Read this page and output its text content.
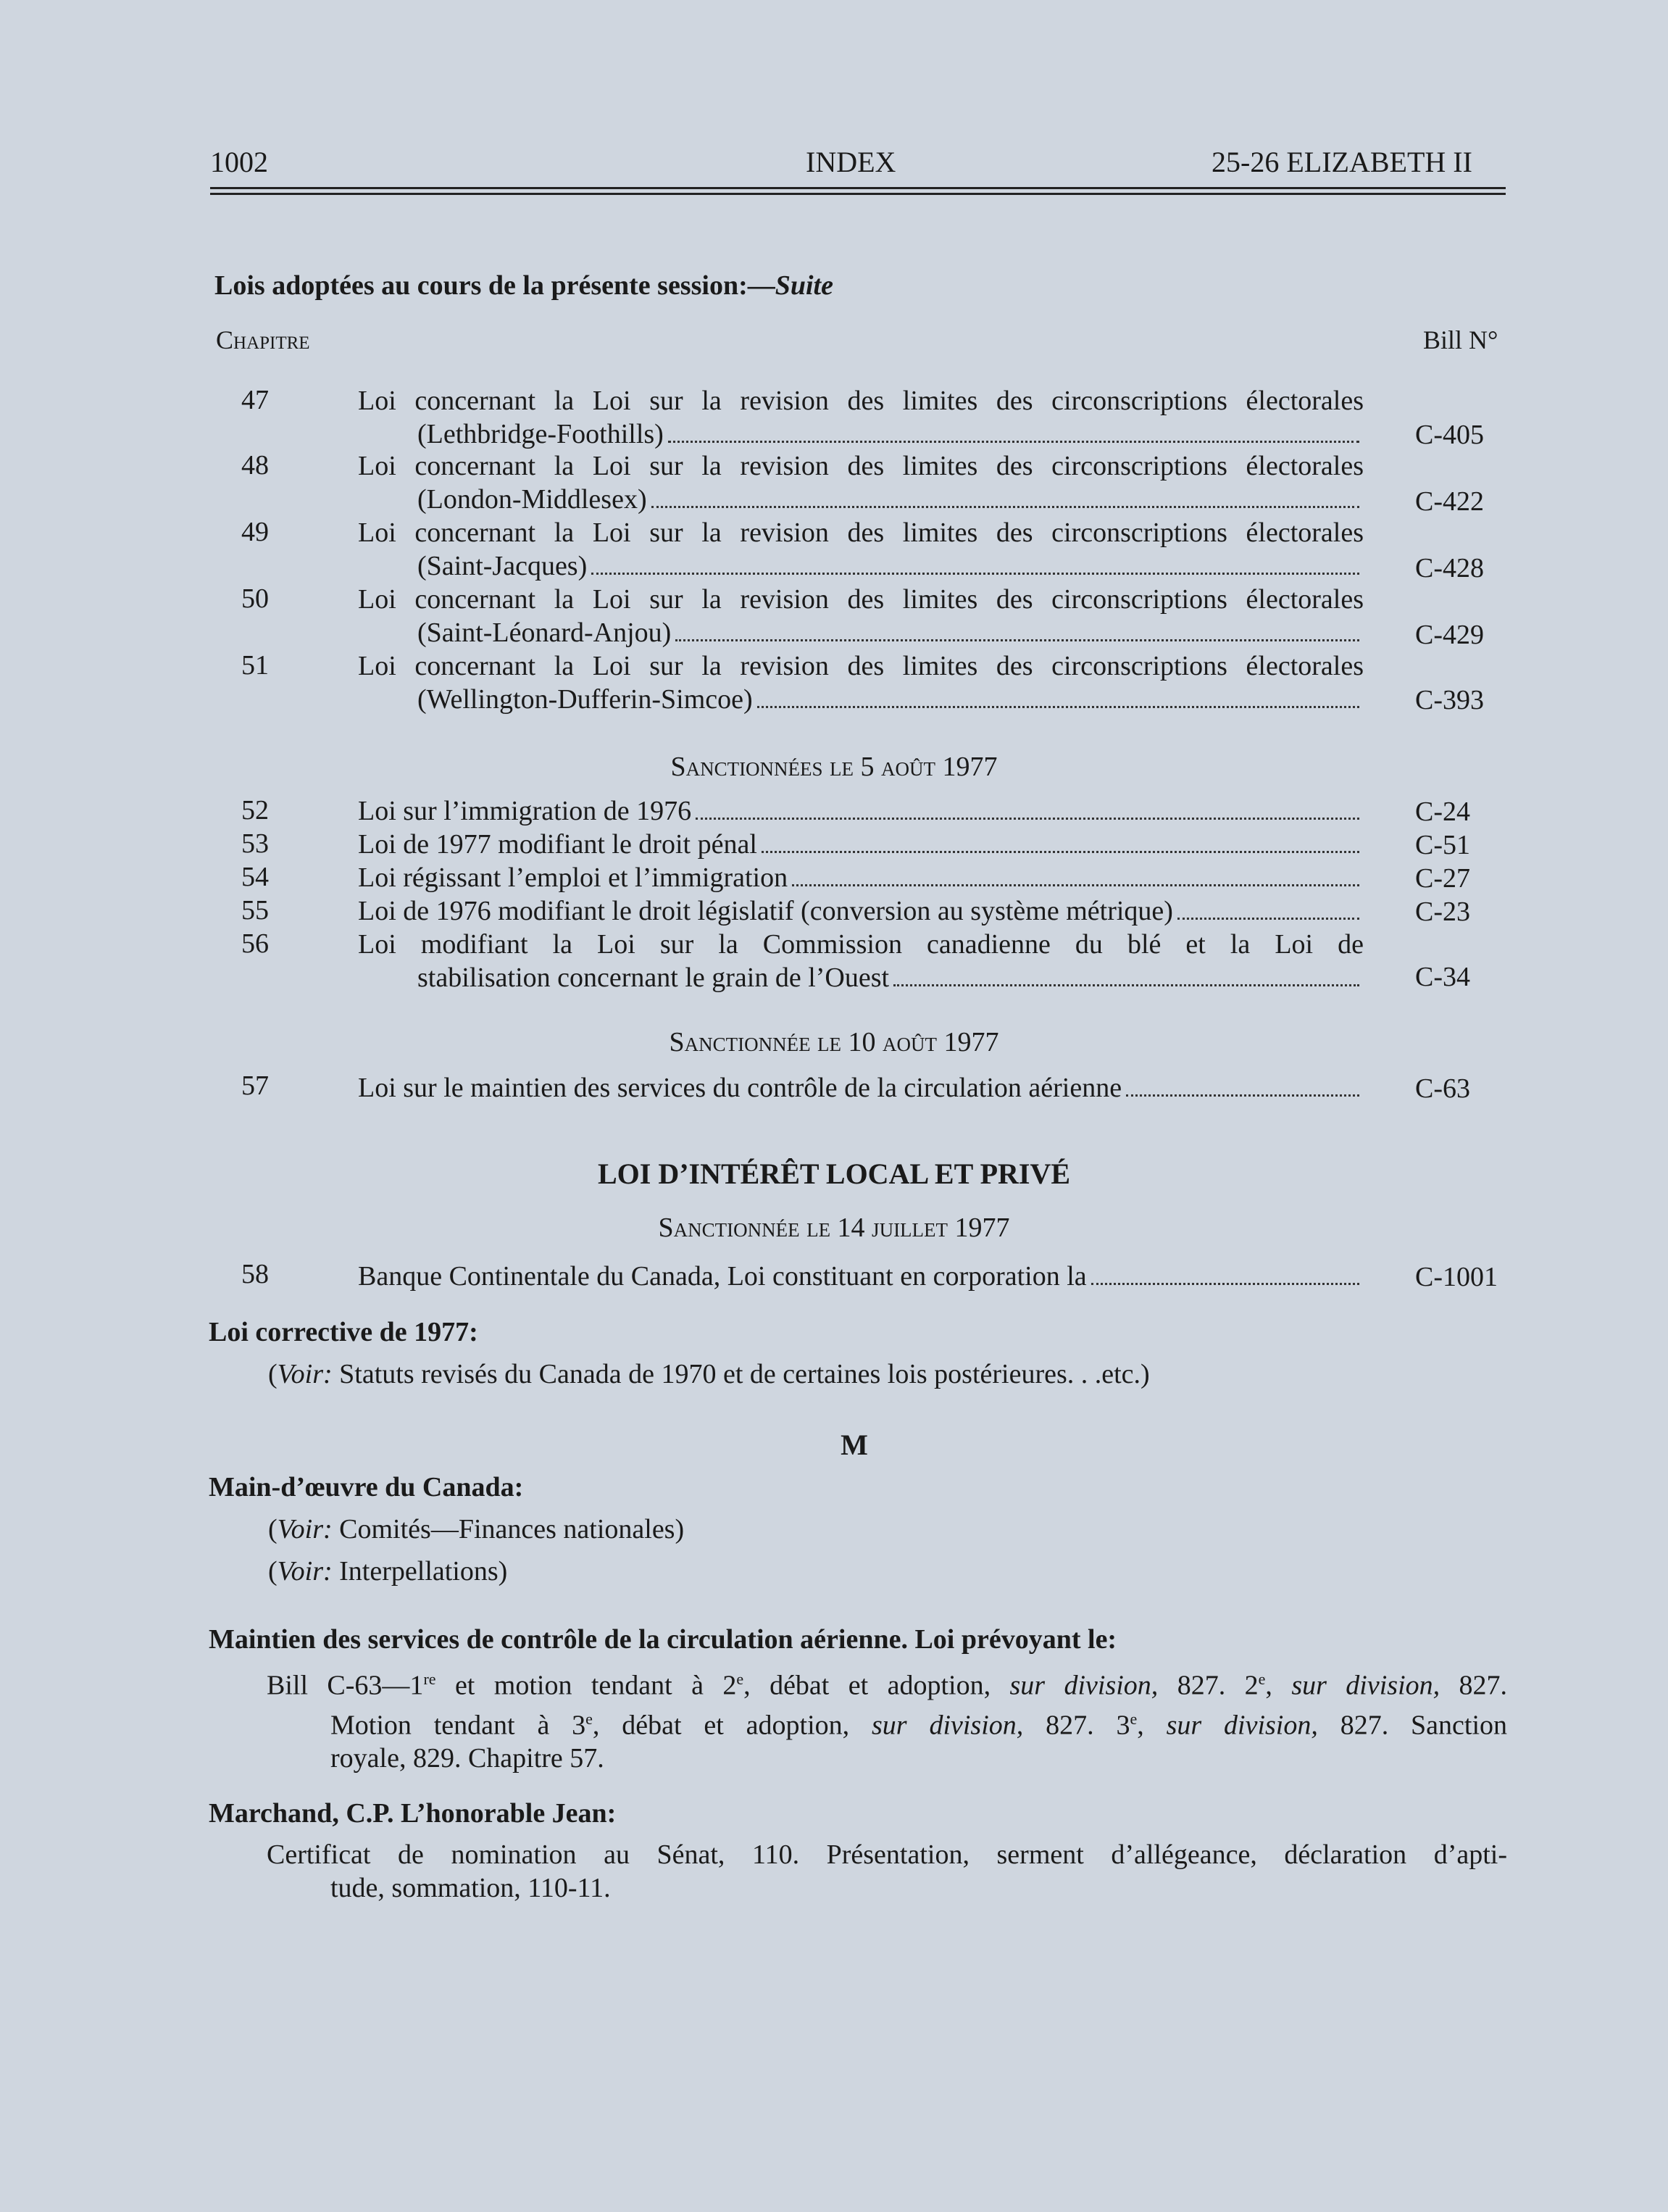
1002	INDEX	25-26 ELIZABETH II
Lois adoptées au cours de la présente session:—Suite
Chapitre	Bill N°
47	Loi concernant la Loi sur la revision des limites des circonscriptions électorales
(Lethbridge-Foothills)	C-405
48	Loi concernant la Loi sur la revision des limites des circonscriptions électorales
(London-Middlesex)	C-422
49	Loi concernant la Loi sur la revision des limites des circonscriptions électorales
(Saint-Jacques)	C-428
50	Loi concernant la Loi sur la revision des limites des circonscriptions électorales
(Saint-Léonard-Anjou)	C-429
51	Loi concernant la Loi sur la revision des limites des circonscriptions électorales
(Wellington-Dufferin-Simcoe)	C-393
Sanctionnées le 5 août 1977
52	Loi sur l’immigration de 1976	C-24
53	Loi de 1977 modifiant le droit pénal	C-51
54	Loi régissant l’emploi et l’immigration	C-27
55	Loi de 1976 modifiant le droit législatif (conversion au système métrique)	C-23
56	Loi modifiant la Loi sur la Commission canadienne du blé et la Loi de
stabilisation concernant le grain de l’Ouest	C-34
Sanctionnée le 10 août 1977
57	Loi sur le maintien des services du contrôle de la circulation aérienne	C-63
LOI D’INTÉRÊT LOCAL ET PRIVÉ
Sanctionnée le 14 juillet 1977
58	Banque Continentale du Canada, Loi constituant en corporation la	C-1001
Loi corrective de 1977:
(Voir: Statuts revisés du Canada de 1970 et de certaines lois postérieures. . .etc.)
M
Main-d’œuvre du Canada:
(Voir: Comités—Finances nationales)
(Voir: Interpellations)
Maintien des services de contrôle de la circulation aérienne. Loi prévoyant le:
Bill C-63—1re et motion tendant à 2e, débat et adoption, sur division, 827. 2e, sur division, 827.
Motion tendant à 3e, débat et adoption, sur division, 827. 3e, sur division, 827. Sanction
royale, 829. Chapitre 57.
Marchand, C.P. L’honorable Jean:
Certificat de nomination au Sénat, 110. Présentation, serment d’allégeance, déclaration d’apti-
tude, sommation, 110-11.
